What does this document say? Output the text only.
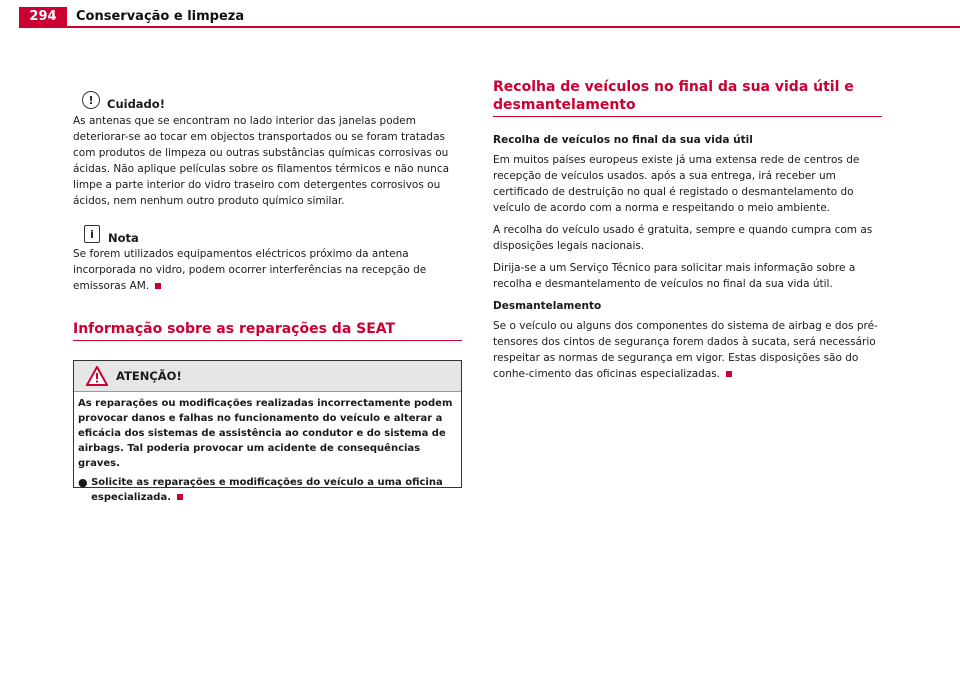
294	Conservação e limpeza
!	Cuidado!

As antenas que se encontram no lado interior das janelas podem deteriorar-se ao tocar em objectos transportados ou se foram tratadas com produtos de limpeza ou outras substâncias químicas corrosivas ou ácidas. Não aplique películas sobre os filamentos térmicos e não nunca limpe a parte interior do vidro traseiro com detergentes corrosivos ou ácidos, nem nenhum outro produto químico similar.

i	Nota

Se forem utilizados equipamentos eléctricos próximo da antena incorporada no vidro, podem ocorrer interferências na recepção de emissoras AM.

Informação sobre as reparações da SEAT
ATENÇÃO!

As reparações ou modificações realizadas incorrectamente podem provocar danos e falhas no funcionamento do veículo e alterar a eficácia dos sistemas de assistência ao condutor e do sistema de airbags. Tal poderia provocar um acidente de consequências graves.

● Solicite as reparações e modificações do veículo a uma oficina especializada.
Recolha de veículos no final da sua vida útil e
desmantelamento

Recolha de veículos no final da sua vida útil

Em muitos países europeus existe já uma extensa rede de centros de recepção de veículos usados. após a sua entrega, irá receber um certificado de destruição no qual é registado o desmantelamento do veículo de acordo com a norma e respeitando o meio ambiente.

A recolha do veículo usado é gratuita, sempre e quando cumpra com as disposições legais nacionais.

Dirija-se a um Serviço Técnico para solicitar mais informação sobre a recolha e desmantelamento de veículos no final da sua vida útil.

Desmantelamento

Se o veículo ou alguns dos componentes do sistema de airbag e dos pré-tensores dos cintos de segurança forem dados à sucata, será necessário respeitar as normas de segurança em vigor. Estas disposições são do conhe-cimento das oficinas especializadas.
